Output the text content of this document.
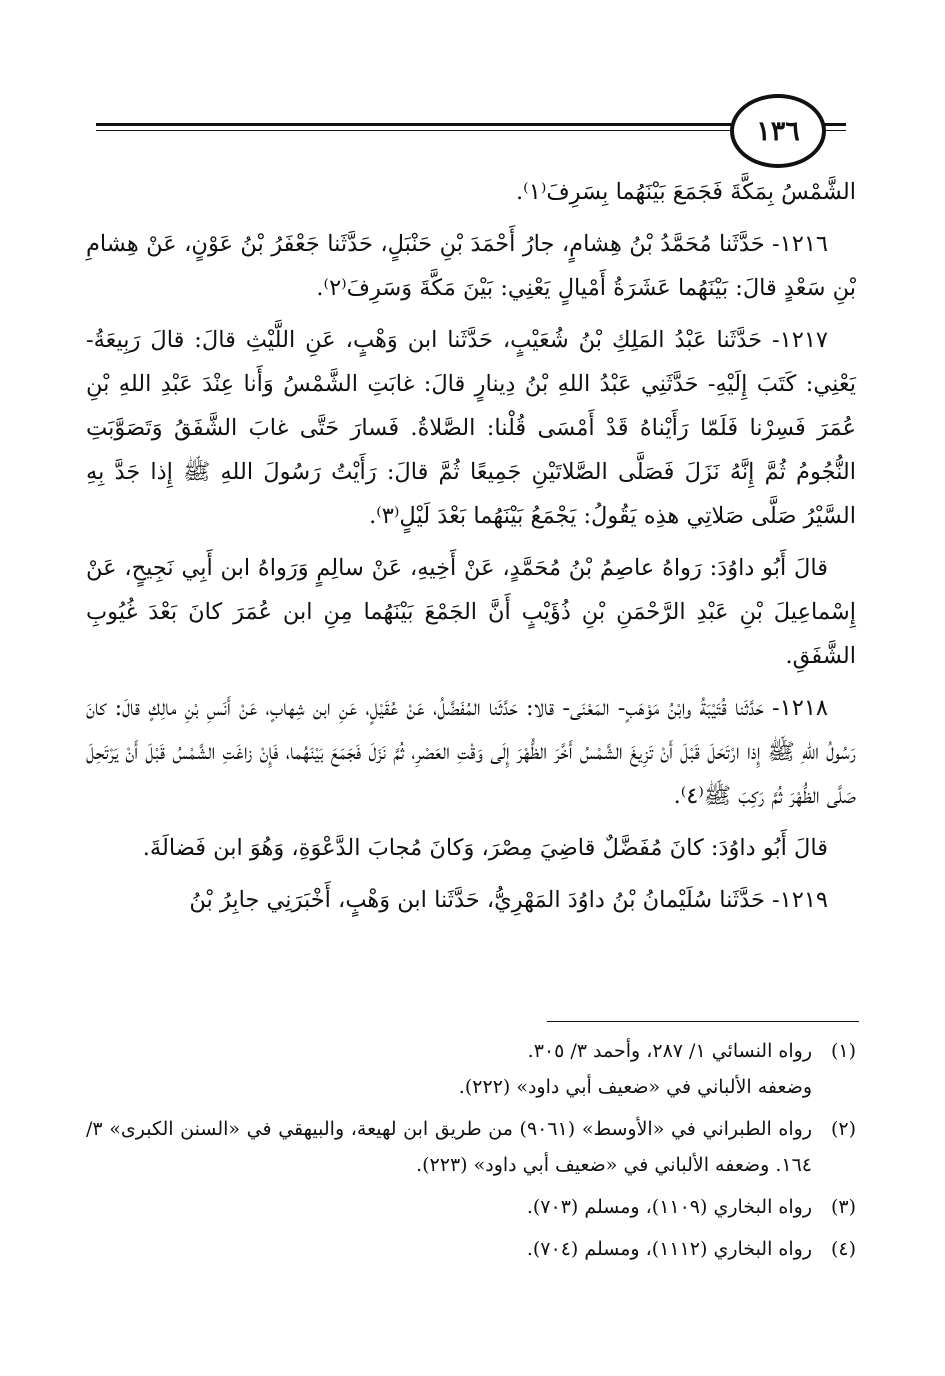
١٣٦

الشَّمْسُ بِمَكَّةَ فَجَمَعَ بَيْنَهُما بِسَرِفَ⁽١⁾.

١٢١٦- حَدَّثَنا مُحَمَّدُ بْنُ هِشامٍ، جارُ أَحْمَدَ بْنِ حَنْبَلٍ، حَدَّثَنا جَعْفَرُ بْنُ عَوْنٍ، عَنْ هِشامِ بْنِ سَعْدٍ قالَ: بَيْنَهُما عَشَرَةُ أَمْيالٍ يَعْنِي: بَيْنَ مَكَّةَ وَسَرِفَ⁽٢⁾.

١٢١٧- حَدَّثَنا عَبْدُ المَلِكِ بْنُ شُعَيْبٍ، حَدَّثَنا ابن وَهْبٍ، عَنِ اللَّيْثِ قالَ: قالَ رَبِيعَةُ- يَعْنِي: كَتَبَ إِلَيْهِ- حَدَّثَنِي عَبْدُ اللهِ بْنُ دِينارٍ قالَ: غابَتِ الشَّمْسُ وَأَنا عِنْدَ عَبْدِ اللهِ بْنِ عُمَرَ فَسِرْنا فَلَمّا رَأَيْناهُ قَدْ أَمْسَى قُلْنا: الصَّلاةُ. فَسارَ حَتَّى غابَ الشَّفَقُ وَتَصَوَّبَتِ النُّجُومُ ثُمَّ إِنَّهُ نَزَلَ فَصَلَّى الصَّلاتَيْنِ جَمِيعًا ثُمَّ قالَ: رَأَيْتُ رَسُولَ اللهِ ﷺ إِذا جَدَّ بِهِ السَّيْرُ صَلَّى صَلاتِي هذِه يَقُولُ: يَجْمَعُ بَيْنَهُما بَعْدَ لَيْلٍ⁽٣⁾.

قالَ أَبُو داوُدَ: رَواهُ عاصِمُ بْنُ مُحَمَّدٍ، عَنْ أَخِيهِ، عَنْ سالِمٍ وَرَواهُ ابن أَبِي نَجِيحٍ، عَنْ إِسْماعِيلَ بْنِ عَبْدِ الرَّحْمَنِ بْنِ ذُؤَيْبٍ أَنَّ الجَمْعَ بَيْنَهُما مِنِ ابن عُمَرَ كانَ بَعْدَ غُيُوبِ الشَّفَقِ.

١٢١٨- حَدَّثَنا قُتَيْبَةُ وابْنُ مَوْهَبٍ- المَعْنَى- قالا: حَدَّثَنا المُفَضَّلُ، عَنْ عُقَيْلٍ، عَنِ ابن شِهابٍ، عَنْ أَنَسِ بْنِ مالِكٍ قالَ: كانَ رَسُولُ اللهِ ﷺ إِذا ارْتَحَلَ قَبْلَ أَنْ تَزِيغَ الشَّمْسُ أَخَّرَ الظُّهْرَ إِلَى وَقْتِ العَصْرِ، ثُمَّ نَزَلَ فَجَمَعَ بَيْنَهُما، فَإِنْ زاغَتِ الشَّمْسُ قَبْلَ أَنْ يَرْتَحِلَ صَلَّى الظُّهْرَ ثُمَّ رَكِبَ ﷺ⁽٤⁾.

قالَ أَبُو داوُدَ: كانَ مُفَضَّلٌ قاضِيَ مِصْرَ، وَكانَ مُجابَ الدَّعْوَةِ، وَهُوَ ابن فَضالَةَ.

١٢١٩- حَدَّثَنا سُلَيْمانُ بْنُ داوُدَ المَهْرِيُّ، حَدَّثَنا ابن وَهْبٍ، أَخْبَرَنِي جابِرُ بْنُ

(١)
رواه النسائي ١/ ٢٨٧، وأحمد ٣/ ٣٠٥.
وضعفه الألباني في «ضعيف أبي داود» (٢٢٢).
(٢)
رواه الطبراني في «الأوسط» (٩٠٦١) من طريق ابن لهيعة، والبيهقي في «السنن الكبرى» ٣/ ١٦٤. وضعفه الألباني في «ضعيف أبي داود» (٢٢٣).
(٣)
رواه البخاري (١١٠٩)، ومسلم (٧٠٣).
(٤)
رواه البخاري (١١١٢)، ومسلم (٧٠٤).
